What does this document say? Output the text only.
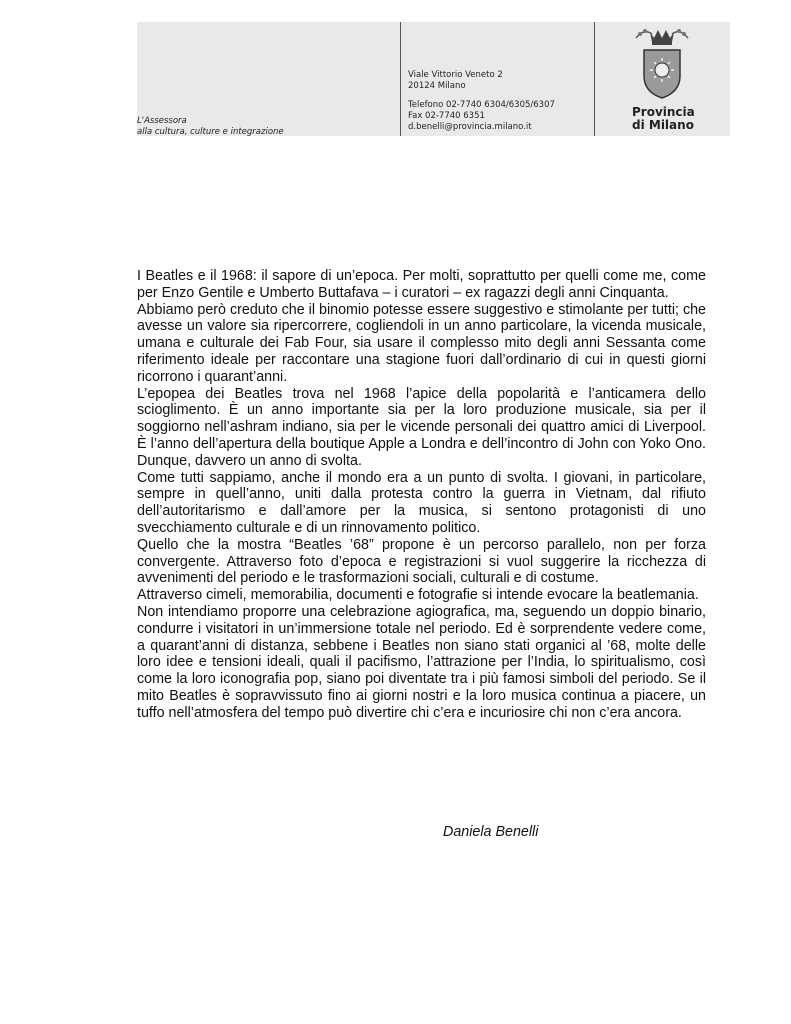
L'Assessora
alla cultura, culture e integrazione
Viale Vittorio Veneto 2
20124 Milano
Telefono 02-7740 6304/6305/6307
Fax 02-7740 6351
d.benelli@provincia.milano.it
Provincia
di Milano

I Beatles e il 1968: il sapore di un’epoca. Per molti, soprattutto per quelli come me, come per Enzo Gentile e Umberto Buttafava – i curatori – ex ragazzi degli anni Cinquanta.

Abbiamo però creduto che il binomio potesse essere suggestivo e stimolante per tutti; che avesse un valore sia ripercorrere, cogliendoli in un anno particolare, la vicenda musicale, umana e culturale dei Fab Four, sia usare il complesso mito degli anni Sessanta come riferimento ideale per raccontare una stagione fuori dall’ordinario di cui in questi giorni ricorrono i quarant’anni.

L’epopea dei Beatles trova nel 1968 l’apice della popolarità e l’anticamera dello scioglimento. È un anno importante sia per la loro produzione musicale, sia per il soggiorno nell’ashram indiano, sia per le vicende personali dei quattro amici di Liverpool. È l’anno dell’apertura della boutique Apple a Londra e dell’incontro di John con Yoko Ono. Dunque, davvero un anno di svolta.

Come tutti sappiamo, anche il mondo era a un punto di svolta. I giovani, in particolare, sempre in quell’anno, uniti dalla protesta contro la guerra in Vietnam, dal rifiuto dell’autoritarismo e dall’amore per la musica, si sentono protagonisti di uno svecchiamento culturale e di un rinnovamento politico.

Quello che la mostra “Beatles ’68” propone è un percorso parallelo, non per forza convergente. Attraverso foto d’epoca e registrazioni si vuol suggerire la ricchezza di avvenimenti del periodo e le trasformazioni sociali, culturali e di costume.

Attraverso cimeli, memorabilia, documenti e fotografie si intende evocare la beatlemania.

Non intendiamo proporre una celebrazione agiografica, ma, seguendo un doppio binario, condurre i visitatori in un’immersione totale nel periodo. Ed è sorprendente vedere come, a quarant’anni di distanza, sebbene i Beatles non siano stati organici al ’68, molte delle loro idee e tensioni ideali, quali il pacifismo, l’attrazione per l’India, lo spiritualismo, così come la loro iconografia pop, siano poi diventate tra i più famosi simboli del periodo. Se il mito Beatles è sopravvissuto fino ai giorni nostri e la loro musica continua a piacere, un tuffo nell’atmosfera del tempo può divertire chi c’era e incuriosire chi non c’era ancora.

Daniela Benelli
